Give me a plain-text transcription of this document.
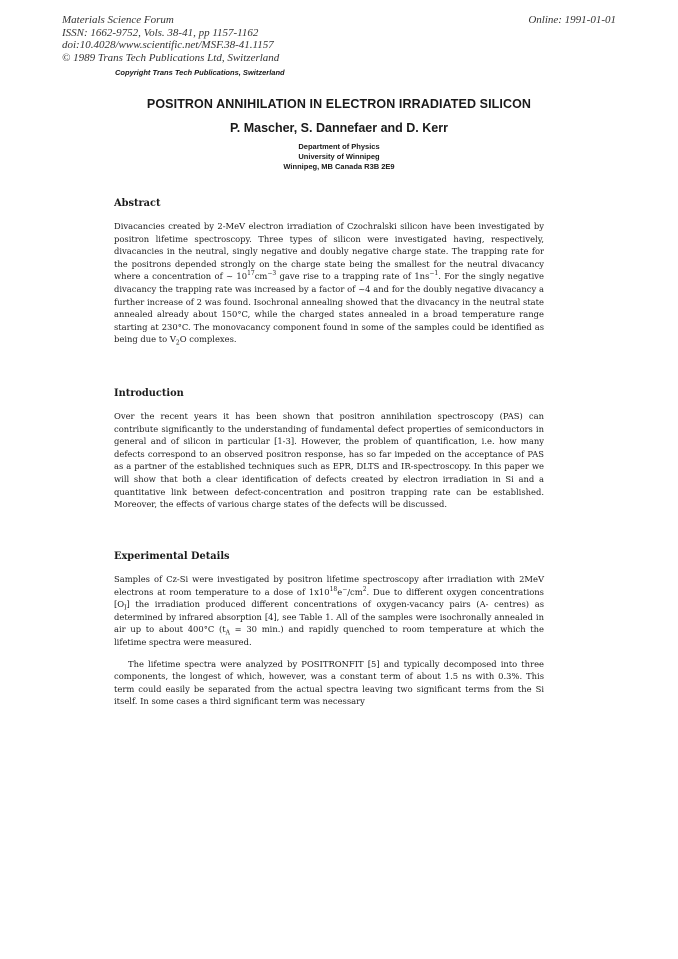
Materials Science Forum
ISSN: 1662-9752, Vols. 38-41, pp 1157-1162
doi:10.4028/www.scientific.net/MSF.38-41.1157
© 1989 Trans Tech Publications Ltd, Switzerland
Online: 1991-01-01
Copyright Trans Tech Publications, Switzerland
POSITRON ANNIHILATION IN ELECTRON IRRADIATED SILICON
P. Mascher, S. Dannefaer and D. Kerr
Department of Physics
University of Winnipeg
Winnipeg, MB Canada R3B 2E9
Abstract

Divacancies created by 2-MeV electron irradiation of Czochralski silicon have been investigated by positron lifetime spectroscopy. Three types of silicon were investigated having, respectively, divacancies in the neutral, singly negative and doubly negative charge state. The trapping rate for the positrons depended strongly on the charge state being the smallest for the neutral divacancy where a concentration of ~ $10^{17}cm^{-3}$ gave rise to a trapping rate of $1ns^{-1}$. For the singly negative divacancy the trapping rate was increased by a factor of ~4 and for the doubly negative divacancy a further increase of 2 was found. Isochronal annealing showed that the divacancy in the neutral state annealed already about 150°C, while the charged states annealed in a broad temperature range starting at 230°C. The monovacancy component found in some of the samples could be identified as being due to $V_2O$ complexes.

Introduction

Over the recent years it has been shown that positron annihilation spectroscopy (PAS) can contribute significantly to the understanding of fundamental defect properties of semiconductors in general and of silicon in particular [1-3]. However, the problem of quantification, i.e. how many defects correspond to an observed positron response, has so far impeded on the acceptance of PAS as a partner of the established techniques such as EPR, DLTS and IR-spectroscopy. In this paper we will show that both a clear identification of defects created by electron irradiation in Si and a quantitative link between defect-concentration and positron trapping rate can be established. Moreover, the effects of various charge states of the defects will be discussed.

Experimental Details

Samples of Cz-Si were investigated by positron lifetime spectroscopy after irradiation with 2MeV electrons at room temperature to a dose of $1x10^{18}e^-/cm^2$. Due to different oxygen concentrations $[O_I]$ the irradiation produced different concentrations of oxygen-vacancy pairs (A- centres) as determined by infrared absorption [4], see Table 1. All of the samples were isochronally annealed in air up to about 400°C ($t_A = 30$ min.) and rapidly quenched to room temperature at which the lifetime spectra were measured.

The lifetime spectra were analyzed by POSITRONFIT [5] and typically decomposed into three components, the longest of which, however, was a constant term of about 1.5 ns with 0.3%. This term could easily be separated from the actual spectra leaving two significant terms from the Si itself. In some cases a third significant term was necessary
